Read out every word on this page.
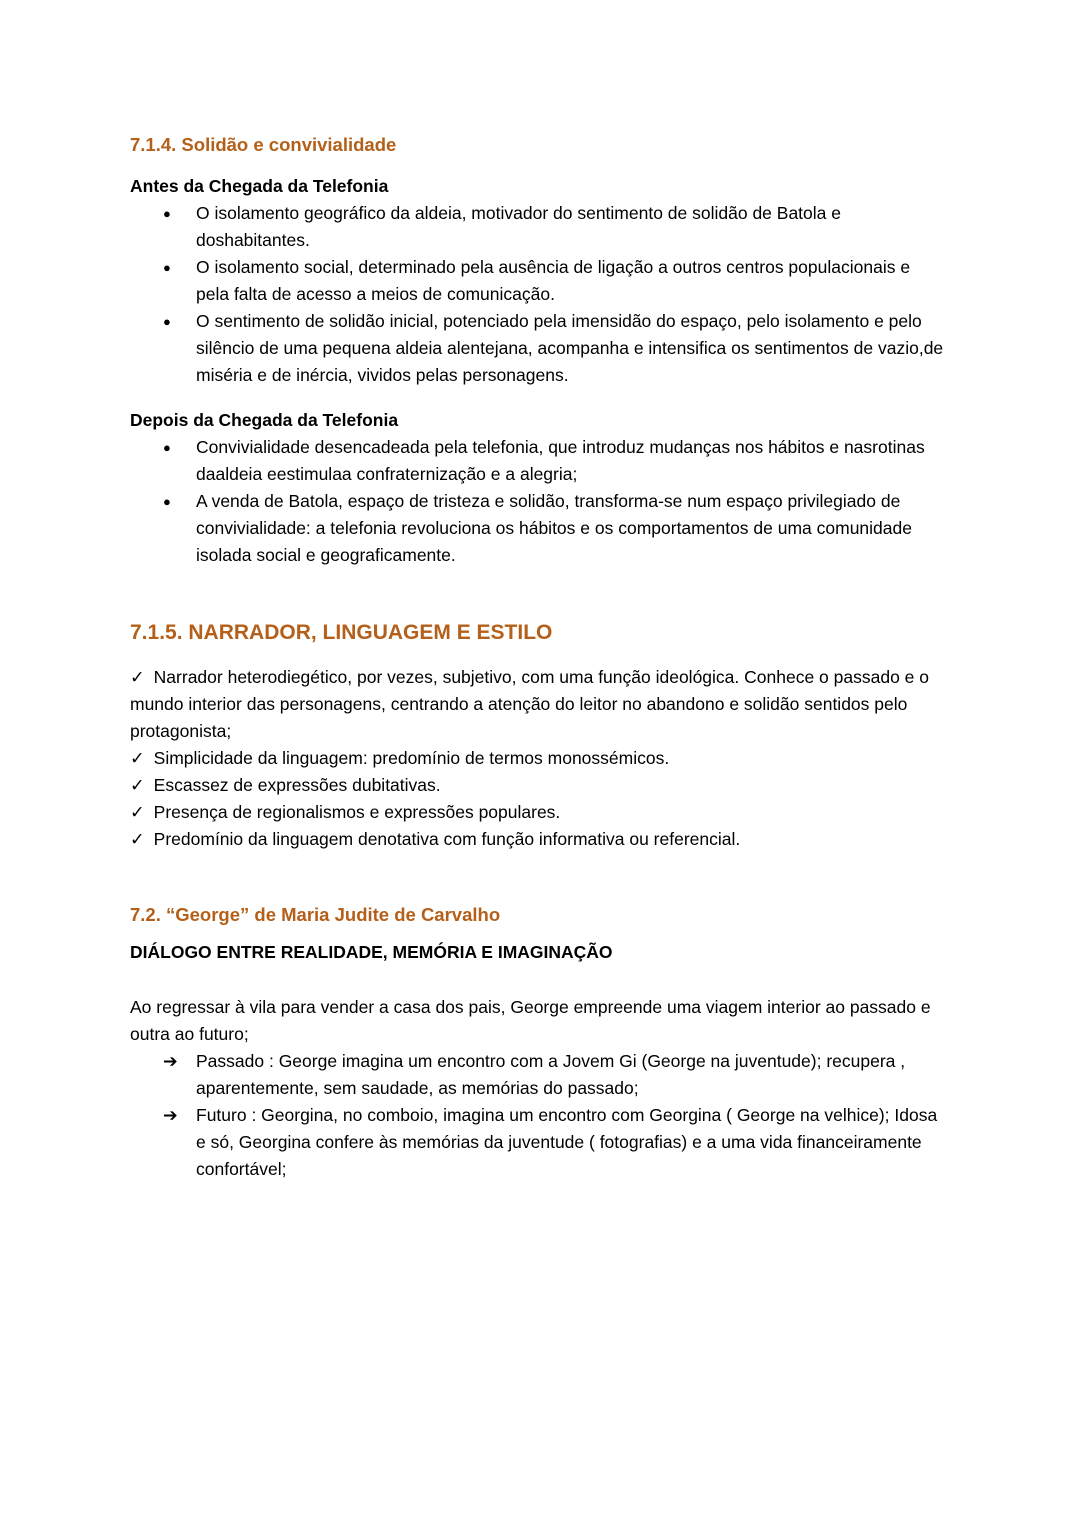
7.1.4. Solidão e convivialidade

Antes da Chegada da Telefonia

●	O isolamento geográfico da aldeia, motivador do sentimento de solidão de Batola e doshabitantes.
●	O isolamento social, determinado pela ausência de ligação a outros centros populacionais e pela falta de acesso a meios de comunicação.
●	O sentimento de solidão inicial, potenciado pela imensidão do espaço, pelo isolamento e pelo silêncio de uma pequena aldeia alentejana, acompanha e intensifica os sentimentos de vazio,de miséria e de inércia, vividos pelas personagens.

Depois da Chegada da Telefonia

●	Convivialidade desencadeada pela telefonia, que introduz mudanças nos hábitos e nasrotinas daaldeia eestimulaa confraternização e a alegria;
●	A venda de Batola, espaço de tristeza e solidão, transforma-se num espaço privilegiado de convivialidade: a telefonia revoluciona os hábitos e os comportamentos de uma comunidade isolada social e geograficamente.
7.1.5. NARRADOR, LINGUAGEM E ESTILO

✓ Narrador heterodiegético, por vezes, subjetivo, com uma função ideológica. Conhece o passado e o mundo interior das personagens, centrando a atenção do leitor no abandono e solidão sentidos pelo protagonista;

✓ Simplicidade da linguagem: predomínio de termos monossémicos.

✓ Escassez de expressões dubitativas.

✓ Presença de regionalismos e expressões populares.

✓ Predomínio da linguagem denotativa com função informativa ou referencial.

7.2. “George” de Maria Judite de Carvalho

DIÁLOGO ENTRE REALIDADE, MEMÓRIA E IMAGINAÇÃO

Ao regressar à vila para vender a casa dos pais, George empreende uma viagem interior ao passado e outra ao futuro;

➔	Passado : George imagina um encontro com a Jovem Gi (George na juventude); recupera , aparentemente, sem saudade, as memórias do passado;
➔	Futuro : Georgina, no comboio, imagina um encontro com Georgina ( George na velhice); Idosa e só, Georgina confere às memórias da juventude ( fotografias) e a uma vida financeiramente confortável;
